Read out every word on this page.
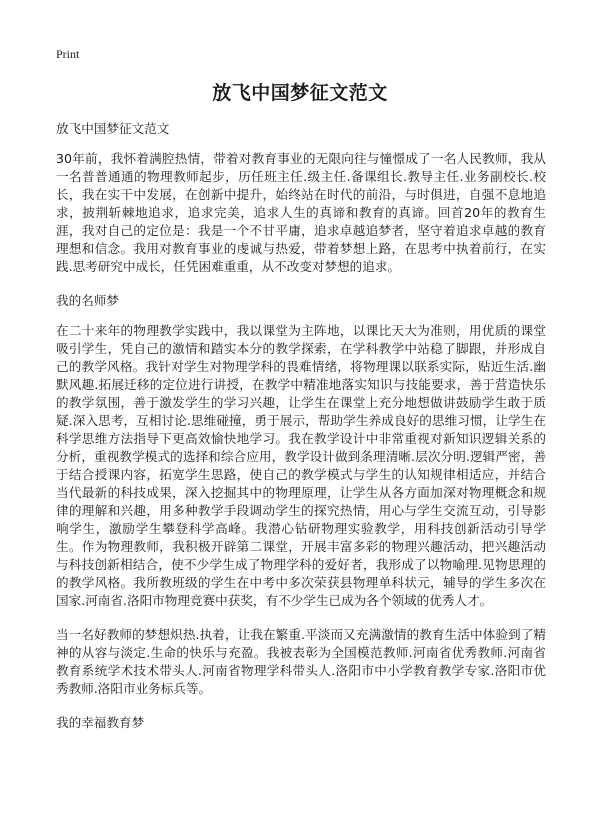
Print
放飞中国梦征文范文

放飞中国梦征文范文

30年前，我怀着满腔热情，带着对教育事业的无限向往与憧憬成了一名人民教师，我从一名普普通通的物理教师起步，历任班主任.级主任.备课组长.教导主任.业务副校长.校长，我在实干中发展，在创新中提升，始终站在时代的前沿，与时俱进，自强不息地追求，披荆斩棘地追求，追求完美，追求人生的真谛和教育的真谛。回首20年的教育生涯，我对自己的定位是：我是一个不甘平庸，追求卓越追梦者，坚守着追求卓越的教育理想和信念。我用对教育事业的虔诚与热爱，带着梦想上路，在思考中执着前行，在实践.思考研究中成长，任凭困难重重，从不改变对梦想的追求。

我的名师梦

在二十来年的物理教学实践中，我以课堂为主阵地，以课比天大为准则，用优质的课堂吸引学生，凭自己的激情和踏实本分的教学探索，在学科教学中站稳了脚跟，并形成自己的教学风格。我针对学生对物理学科的畏难情绪，将物理课以联系实际，贴近生活.幽默风趣.拓展迁移的定位进行讲授，在教学中精准地落实知识与技能要求，善于营造快乐的教学氛围，善于激发学生的学习兴趣，让学生在课堂上充分地想做讲鼓励学生敢于质疑.深入思考，互相讨论.思维碰撞，勇于展示，帮助学生养成良好的思维习惯，让学生在科学思维方法指导下更高效愉快地学习。我在教学设计中非常重视对新知识逻辑关系的分析，重视教学模式的选择和综合应用，教学设计做到条理清晰.层次分明.逻辑严密，善于结合授课内容，拓宽学生思路，使自己的教学模式与学生的认知规律相适应，并结合当代最新的科技成果，深入挖掘其中的物理原理，让学生从各方面加深对物理概念和规律的理解和兴趣，用多种教学手段调动学生的探究热情，用心与学生交流互动，引导影响学生，激励学生攀登科学高峰。我潜心钻研物理实验教学，用科技创新活动引导学生。作为物理教师，我积极开辟第二课堂，开展丰富多彩的物理兴趣活动，把兴趣活动与科技创新相结合，使不少学生成了物理学科的爱好者，我形成了以物喻理.见物思理的的教学风格。我所教班级的学生在中考中多次荣获县物理单科状元，辅导的学生多次在国家.河南省.洛阳市物理竞赛中获奖，有不少学生已成为各个领域的优秀人才。

当一名好教师的梦想炽热.执着，让我在繁重.平淡而又充满激情的教育生活中体验到了精神的从容与淡定.生命的快乐与充盈。我被表彰为全国模范教师.河南省优秀教师.河南省教育系统学术技术带头人.河南省物理学科带头人.洛阳市中小学教育教学专家.洛阳市优秀教师.洛阳市业务标兵等。

我的幸福教育梦
